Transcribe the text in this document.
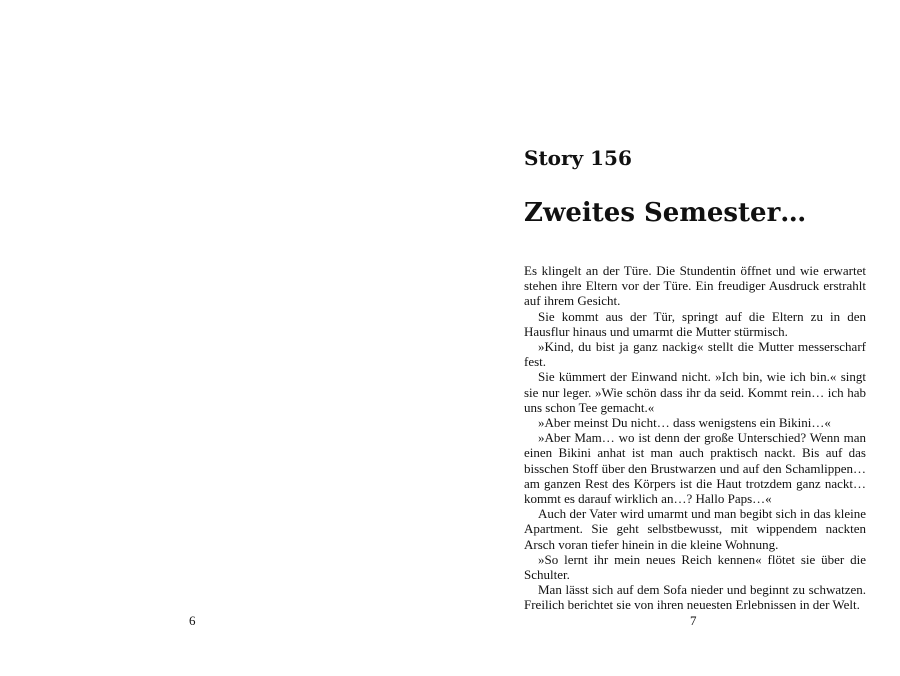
6
Story 156
Zweites Semester…

Es klingelt an der Türe. Die Stundentin öffnet und wie erwartet stehen ihre Eltern vor der Türe. Ein freudiger Ausdruck erstrahlt auf ihrem Gesicht.

Sie kommt aus der Tür, springt auf die Eltern zu in den Hausflur hinaus und umarmt die Mutter stürmisch.

»Kind, du bist ja ganz nackig« stellt die Mutter messerscharf fest.

Sie kümmert der Einwand nicht. »Ich bin, wie ich bin.« singt sie nur leger. »Wie schön dass ihr da seid. Kommt rein… ich hab uns schon Tee gemacht.«

»Aber meinst Du nicht… dass wenigstens ein Bikini…«

»Aber Mam… wo ist denn der große Unterschied? Wenn man einen Bikini anhat ist man auch praktisch nackt. Bis auf das bisschen Stoff über den Brustwarzen und auf den Schamlippen… am ganzen Rest des Körpers ist die Haut trotzdem ganz nackt… kommt es darauf wirklich an…? Hallo Paps…«

Auch der Vater wird umarmt und man begibt sich in das kleine Apartment. Sie geht selbstbewusst, mit wippendem nackten Arsch voran tiefer hinein in die kleine Wohnung.

»So lernt ihr mein neues Reich kennen« flötet sie über die Schulter.

Man lässt sich auf dem Sofa nieder und beginnt zu schwatzen. Freilich berichtet sie von ihren neuesten Erlebnissen in der Welt.

7
